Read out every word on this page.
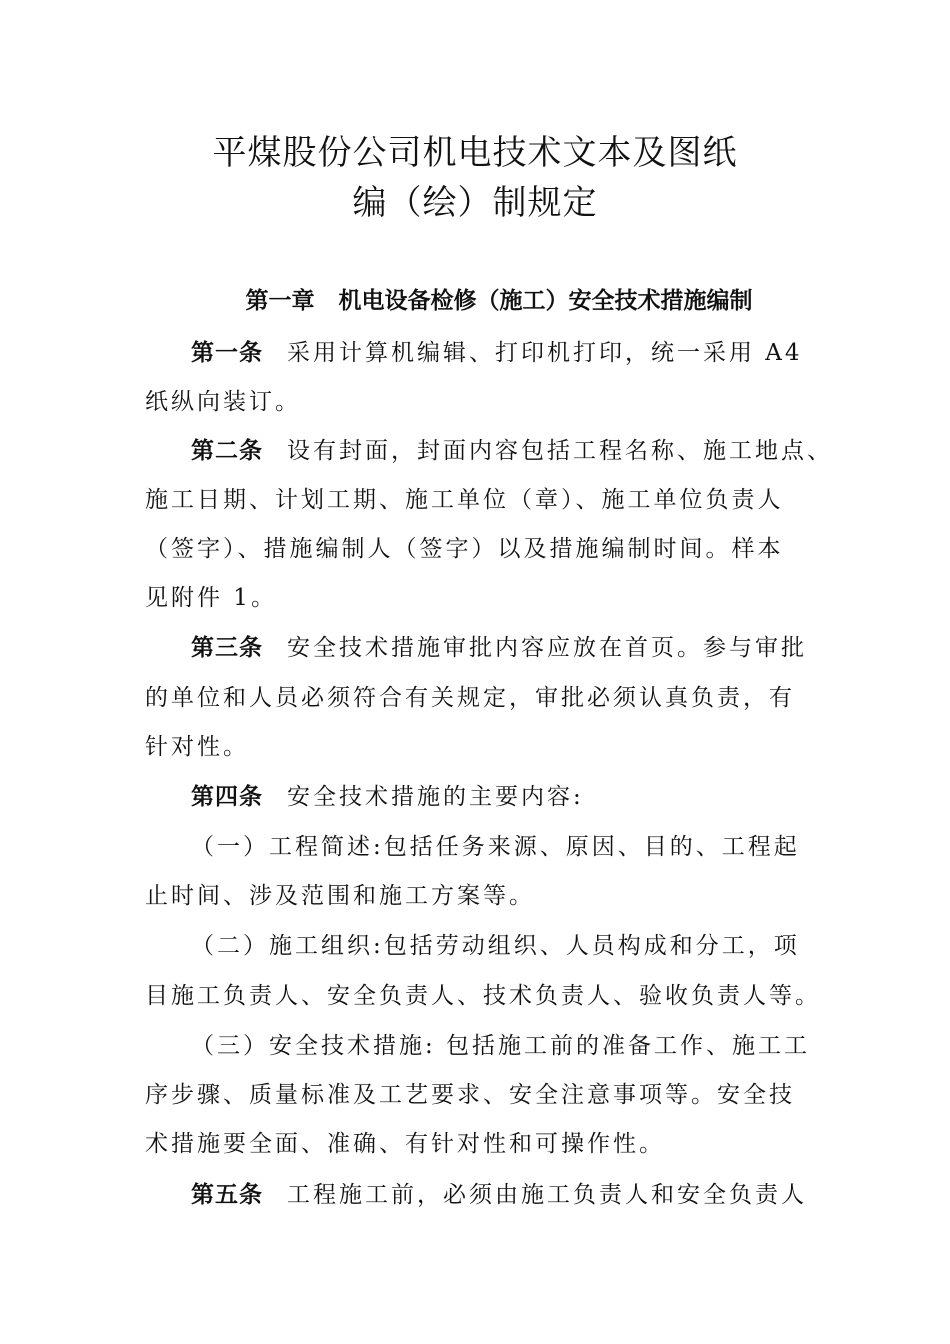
平煤股份公司机电技术文本及图纸
编（绘）制规定
第一章 机电设备检修（施工）安全技术措施编制
第一条 采用计算机编辑、打印机打印，统一采用 A4
纸纵向装订。
第二条 设有封面，封面内容包括工程名称、施工地点、
施工日期、计划工期、施工单位（章）、施工单位负责人
（签字）、措施编制人（签字）以及措施编制时间。样本
见附件 1。
第三条 安全技术措施审批内容应放在首页。参与审批
的单位和人员必须符合有关规定，审批必须认真负责，有
针对性。
第四条 安全技术措施的主要内容:
（一）工程简述:包括任务来源、原因、目的、工程起
止时间、涉及范围和施工方案等。
（二）施工组织:包括劳动组织、人员构成和分工，项
目施工负责人、安全负责人、技术负责人、验收负责人等。
（三）安全技术措施: 包括施工前的准备工作、施工工
序步骤、质量标准及工艺要求、安全注意事项等。安全技
术措施要全面、准确、有针对性和可操作性。
第五条 工程施工前，必须由施工负责人和安全负责人
